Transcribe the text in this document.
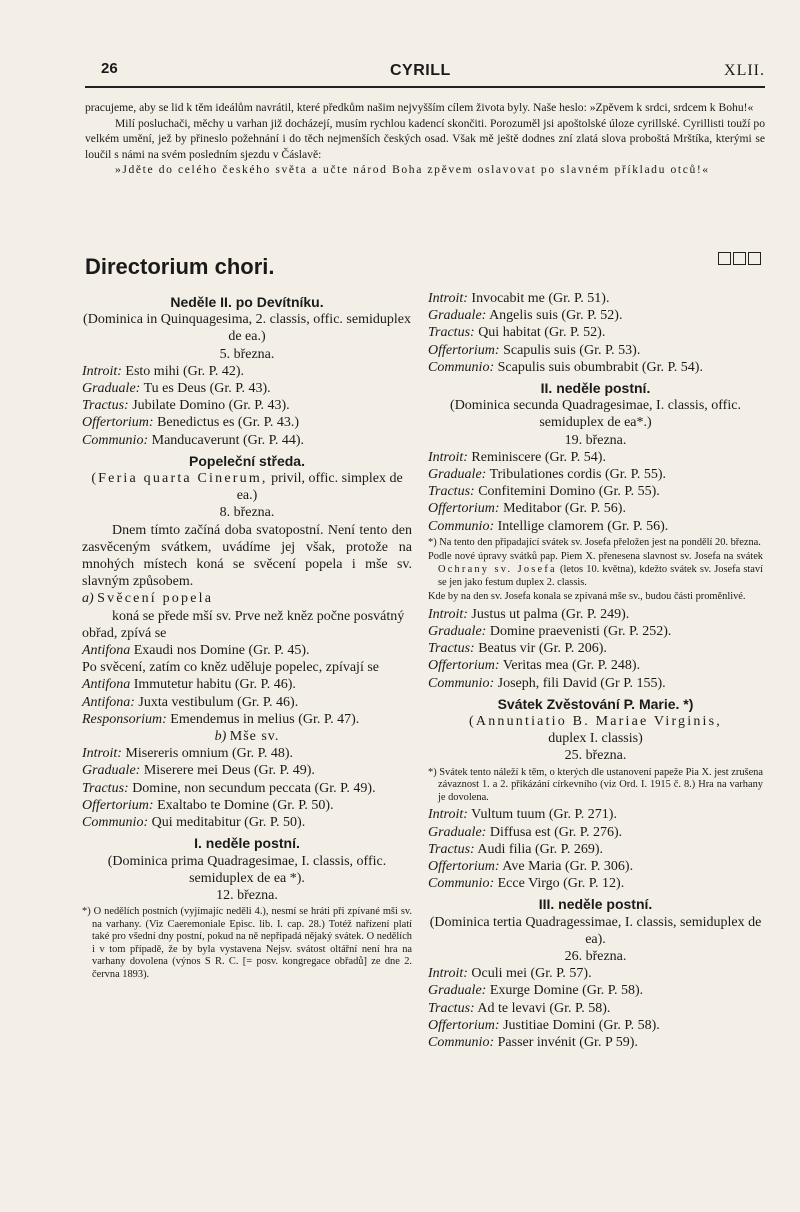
26	CYRILL	XLII.

pracujeme, aby se lid k těm ideálům navrátil, které předkům našim nejvyšším cílem života byly. Naše heslo: »Zpěvem k srdci, srdcem k Bohu!«

Milí posluchači, měchy u varhan již docházejí, musím rychlou kadencí skončiti. Porozuměl jsi apoštolské úloze cyrillské. Cyrillisti touží po velkém umění, jež by přineslo požehnání i do těch nejmenších českých osad. Však mě ještě dodnes zní zlatá slova proboštá Mrštíka, kterými se loučil s námi na svém posledním sjezdu v Čáslavě:

»Jděte do celého českého světa a učte národ Boha zpěvem oslavovat po slavném příkladu otců!«

Directorium chori.
Neděle II. po Devítníku.
(Dominica in Quinquagesima, 2. classis, offic. semiduplex de ea.)
5. března.
Introit: Esto mihi (Gr. P. 42).
Graduale: Tu es Deus (Gr. P. 43).
Tractus: Jubilate Domino (Gr. P. 43).
Offertorium: Benedictus es (Gr. P. 43.)
Communio: Manducaverunt (Gr. P. 44).
Popeleční středa.
(Feria quarta Cinerum, privil, offic. simplex de ea.)
8. března.
Dnem tímto začíná doba svatopostní. Není tento den zasvěceným svátkem, uvádíme jej však, protože na mnohých místech koná se svěcení popela i mše sv. slavným způsobem.
a) Svěcení popela
koná se přede mší sv. Prve než kněz počne posvátný obřad, zpívá se
Antifona Exaudi nos Domine (Gr. P. 45).
Po svěcení, zatím co kněz uděluje popelec, zpívají se
Antifona Immutetur habitu (Gr. P. 46).
Antifona: Juxta vestibulum (Gr. P. 46).
Responsorium: Emendemus in melius (Gr. P. 47).
b) Mše sv.
Introit: Misereris omnium (Gr. P. 48).
Graduale: Miserere mei Deus (Gr. P. 49).
Tractus: Domine, non secundum peccata (Gr. P. 49).
Offertorium: Exaltabo te Domine (Gr. P. 50).
Communio: Qui meditabitur (Gr. P. 50).
I. neděle postní.
(Dominica prima Quadragesimae, I. classis, offic. semiduplex de ea *).
12. března.
*) O nedělích postních (vyjímajíc neděli 4.), nesmí se hráti při zpívané mši sv. na varhany. (Viz Caeremoniale Episc. lib. I. cap. 28.) Totéž nařízení platí také pro všední dny postní, pokud na ně nepřipadá nějaký svátek. O nedělích i v tom případě, že by byla vystavena Nejsv. svátost oltářní není hra na varhany dovolena (výnos S R. C. [= posv. kongregace obřadů] ze dne 2. června 1893).
Introit: Invocabit me (Gr. P. 51).
Graduale: Angelis suis (Gr. P. 52).
Tractus: Qui habitat (Gr. P. 52).
Offertorium: Scapulis suis (Gr. P. 53).
Communio: Scapulis suis obumbrabit (Gr. P. 54).
II. neděle postní.
(Dominica secunda Quadragesimae, I. classis, offic. semiduplex de ea*.)
19. března.
Introit: Reminiscere (Gr. P. 54).
Graduale: Tribulationes cordis (Gr. P. 55).
Tractus: Confitemini Domino (Gr. P. 55).
Offertorium: Meditabor (Gr. P. 56).
Communio: Intellige clamorem (Gr. P. 56).
*) Na tento den připadající svátek sv. Josefa přeložen jest na pondělí 20. března.
Podle nové úpravy svátků pap. Piem X. přenesena slavnost sv. Josefa na svátek Ochrany sv. Josefa (letos 10. května), kdežto svátek sv. Josefa staví se jen jako festum duplex 2. classis.
Kde by na den sv. Josefa konala se zpívaná mše sv., budou části proměnlivé.
Introit: Justus ut palma (Gr. P. 249).
Graduale: Domine praevenisti (Gr. P. 252).
Tractus: Beatus vir (Gr. P. 206).
Offertorium: Veritas mea (Gr. P. 248).
Communio: Joseph, fili David (Gr P. 155).
Svátek Zvěstování P. Marie. *)
(Annuntiatio B. Mariae Virginis,
duplex I. classis)
25. března.
*) Svátek tento náleží k těm, o kterých dle ustanovení papeže Pia X. jest zrušena závaznost 1. a 2. přikázání církevního (viz Ord. I. 1915 č. 8.) Hra na varhany je dovolena.
Introit: Vultum tuum (Gr. P. 271).
Graduale: Diffusa est (Gr. P. 276).
Tractus: Audi filia (Gr. P. 269).
Offertorium: Ave Maria (Gr. P. 306).
Communio: Ecce Virgo (Gr. P. 12).
III. neděle postní.
(Dominica tertia Quadragessimae, I. classis, semiduplex de ea).
26. března.
Introit: Oculi mei (Gr. P. 57).
Graduale: Exurge Domine (Gr. P. 58).
Tractus: Ad te levavi (Gr. P. 58).
Offertorium: Justitiae Domini (Gr. P. 58).
Communio: Passer invénit (Gr. P 59).
